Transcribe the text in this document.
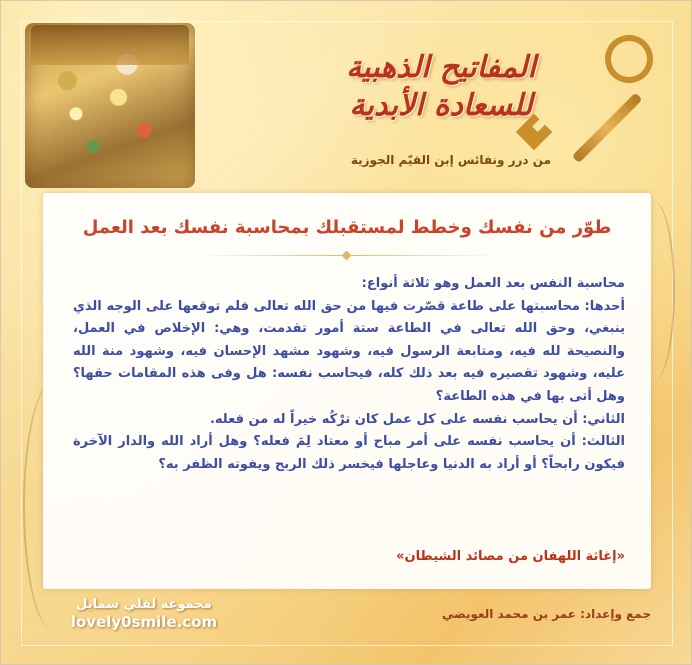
المفاتيح الذهبية
للسعادة الأبدية
من درر ونفائس إبن القيّم الجوزية
طوّر من نفسك وخطط لمستقبلك بمحاسبة نفسك بعد العمل

محاسبة النفس بعد العمل وهو ثلاثة أنواع:

أحدها: محاسبتها على طاعة قصّرت فيها من حق الله تعالى فلم توقعها على الوجه الذي ينبغي، وحق الله تعالى في الطاعة ستة أمور تقدمت، وهي: الإخلاص في العمل، والنصيحة لله فيه، ومتابعة الرسول فيه، وشهود مشهد الإحسان فيه، وشهود منة الله عليه، وشهود تقصيره فيه بعد ذلك كله، فيحاسب نفسه: هل وفى هذه المقامات حقها؟ وهل أتى بها في هذه الطاعة؟

الثاني: أن يحاسب نفسه على كل عمل كان ترْكُه خيراً له من فعله.

الثالث: أن يحاسب نفسه على أمر مباح أو معتاد لِمَ فعله؟ وهل أراد الله والدار الآخرة فيكون رابحاً؟ أو أراد به الدنيا وعاجلها فيخسر ذلك الربح ويفوته الظفر به؟

«إغاثة اللهفان من مصائد الشيطان»
مجموعة لفلي سمايل
lovely0smile.com	جمع وإعداد: عمر بن محمد العويضي
